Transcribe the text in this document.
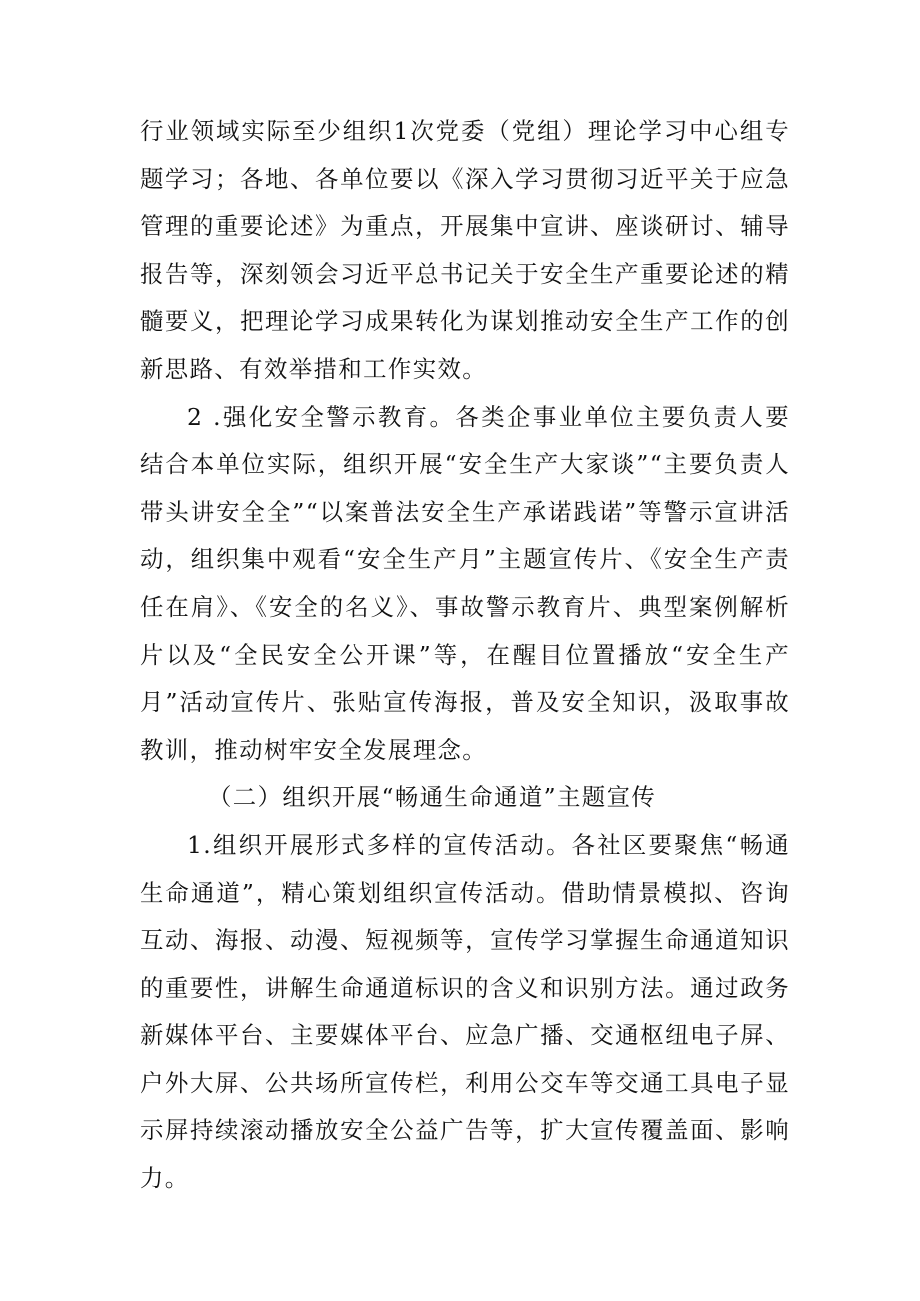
行业领域实际至少组织1次党委（党组）理论学习中心组专题学习；各地、各单位要以《深入学习贯彻习近平关于应急管理的重要论述》为重点，开展集中宣讲、座谈研讨、辅导报告等，深刻领会习近平总书记关于安全生产重要论述的精髓要义，把理论学习成果转化为谋划推动安全生产工作的创新思路、有效举措和工作实效。

2 .强化安全警示教育。各类企事业单位主要负责人要结合本单位实际，组织开展“安全生产大家谈”“主要负责人带头讲安全全”“以案普法安全生产承诺践诺”等警示宣讲活动，组织集中观看“安全生产月”主题宣传片、《安全生产责任在肩》、《安全的名义》、事故警示教育片、典型案例解析片以及“全民安全公开课”等，在醒目位置播放“安全生产月”活动宣传片、张贴宣传海报，普及安全知识，汲取事故教训，推动树牢安全发展理念。

（二）组织开展“畅通生命通道”主题宣传

1.组织开展形式多样的宣传活动。各社区要聚焦“畅通生命通道”，精心策划组织宣传活动。借助情景模拟、咨询互动、海报、动漫、短视频等，宣传学习掌握生命通道知识的重要性，讲解生命通道标识的含义和识别方法。通过政务新媒体平台、主要媒体平台、应急广播、交通枢纽电子屏、户外大屏、公共场所宣传栏，利用公交车等交通工具电子显示屏持续滚动播放安全公益广告等，扩大宣传覆盖面、影响力。
